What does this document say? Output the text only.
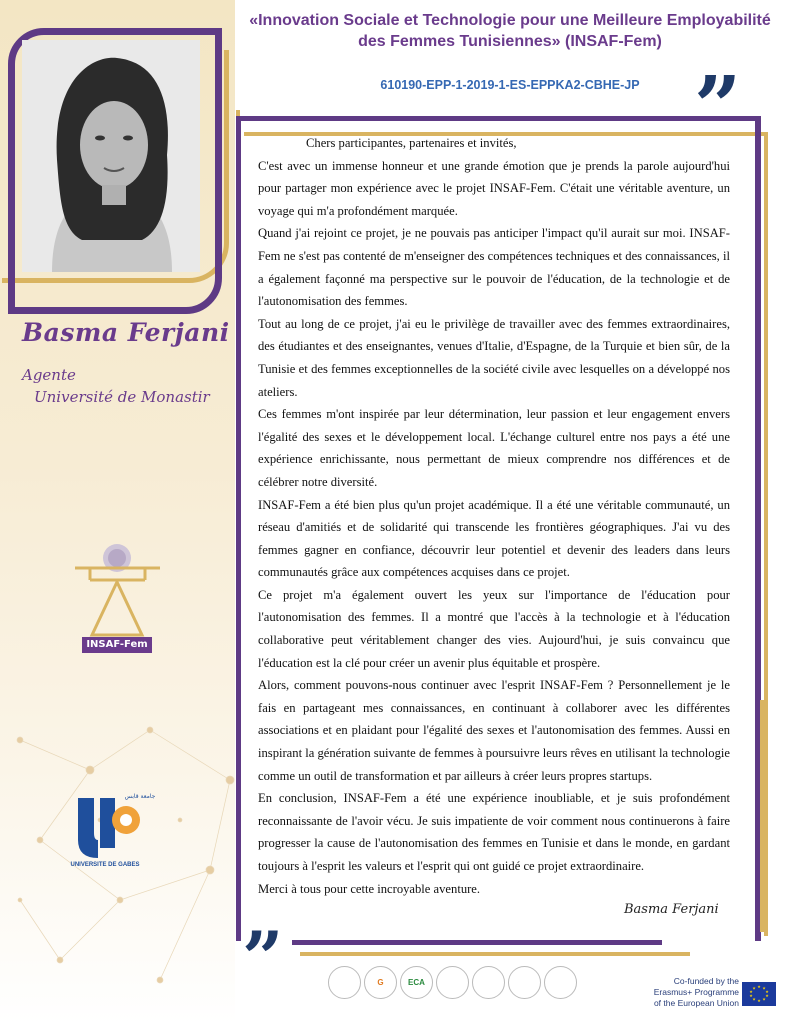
Basma Ferjani
Agente
Université de Monastir
INSAF-Fem
UNIVERSITE DE GABES
جامعة قابس
«Innovation Sociale et Technologie pour une Meilleure Employabilité des Femmes Tunisiennes» (INSAF-Fem)
610190-EPP-1-2019-1-ES-EPPKA2-CBHE-JP ”

Chers participantes, partenaires et invités,

C'est avec un immense honneur et une grande émotion que je prends la parole aujourd'hui pour partager mon expérience avec le projet INSAF-Fem. C'était une véritable aventure, un voyage qui m'a profondément marquée.

Quand j'ai rejoint ce projet, je ne pouvais pas anticiper l'impact qu'il aurait sur moi. INSAF-Fem ne s'est pas contenté de m'enseigner des compétences techniques et des connaissances, il a également façonné ma perspective sur le pouvoir de l'éducation, de la technologie et de l'autonomisation des femmes.

Tout au long de ce projet, j'ai eu le privilège de travailler avec des femmes extraordinaires, des étudiantes et des enseignantes, venues d'Italie, d'Espagne, de la Turquie et bien sûr, de la Tunisie et des femmes exceptionnelles de la société civile avec lesquelles on a développé nos ateliers.

Ces femmes m'ont inspirée par leur détermination, leur passion et leur engagement envers l'égalité des sexes et le développement local. L'échange culturel entre nos pays a été une expérience enrichissante, nous permettant de mieux comprendre nos différences et de célébrer notre diversité.

INSAF-Fem a été bien plus qu'un projet académique. Il a été une véritable communauté, un réseau d'amitiés et de solidarité qui transcende les frontières géographiques. J'ai vu des femmes gagner en confiance, découvrir leur potentiel et devenir des leaders dans leurs communautés grâce aux compétences acquises dans ce projet.

Ce projet m'a également ouvert les yeux sur l'importance de l'éducation pour l'autonomisation des femmes. Il a montré que l'accès à la technologie et à l'éducation collaborative peut véritablement changer des vies. Aujourd'hui, je suis convaincu que l'éducation est la clé pour créer un avenir plus équitable et prospère.

Alors, comment pouvons-nous continuer avec l'esprit INSAF-Fem ? Personnellement je le fais en partageant mes connaissances, en continuant à collaborer avec les différentes associations et en plaidant pour l'égalité des sexes et l'autonomisation des femmes. Aussi en inspirant la génération suivante de femmes à poursuivre leurs rêves en utilisant la technologie comme un outil de transformation et par ailleurs à créer leurs propres startups.

En conclusion, INSAF-Fem a été une expérience inoubliable, et je suis profondément reconnaissante de l'avoir vécu. Je suis impatiente de voir comment nous continuerons à faire progresser la cause de l'autonomisation des femmes en Tunisie et dans le monde, en gardant toujours à l'esprit les valeurs et l'esprit qui ont guidé ce projet extraordinaire.

Merci à tous pour cette incroyable aventure.

Basma Ferjani
”	G	ECA	Co-funded by the
Erasmus+ Programme
of the European Union
★ ★
★
★
★
★
★
★
★
★
